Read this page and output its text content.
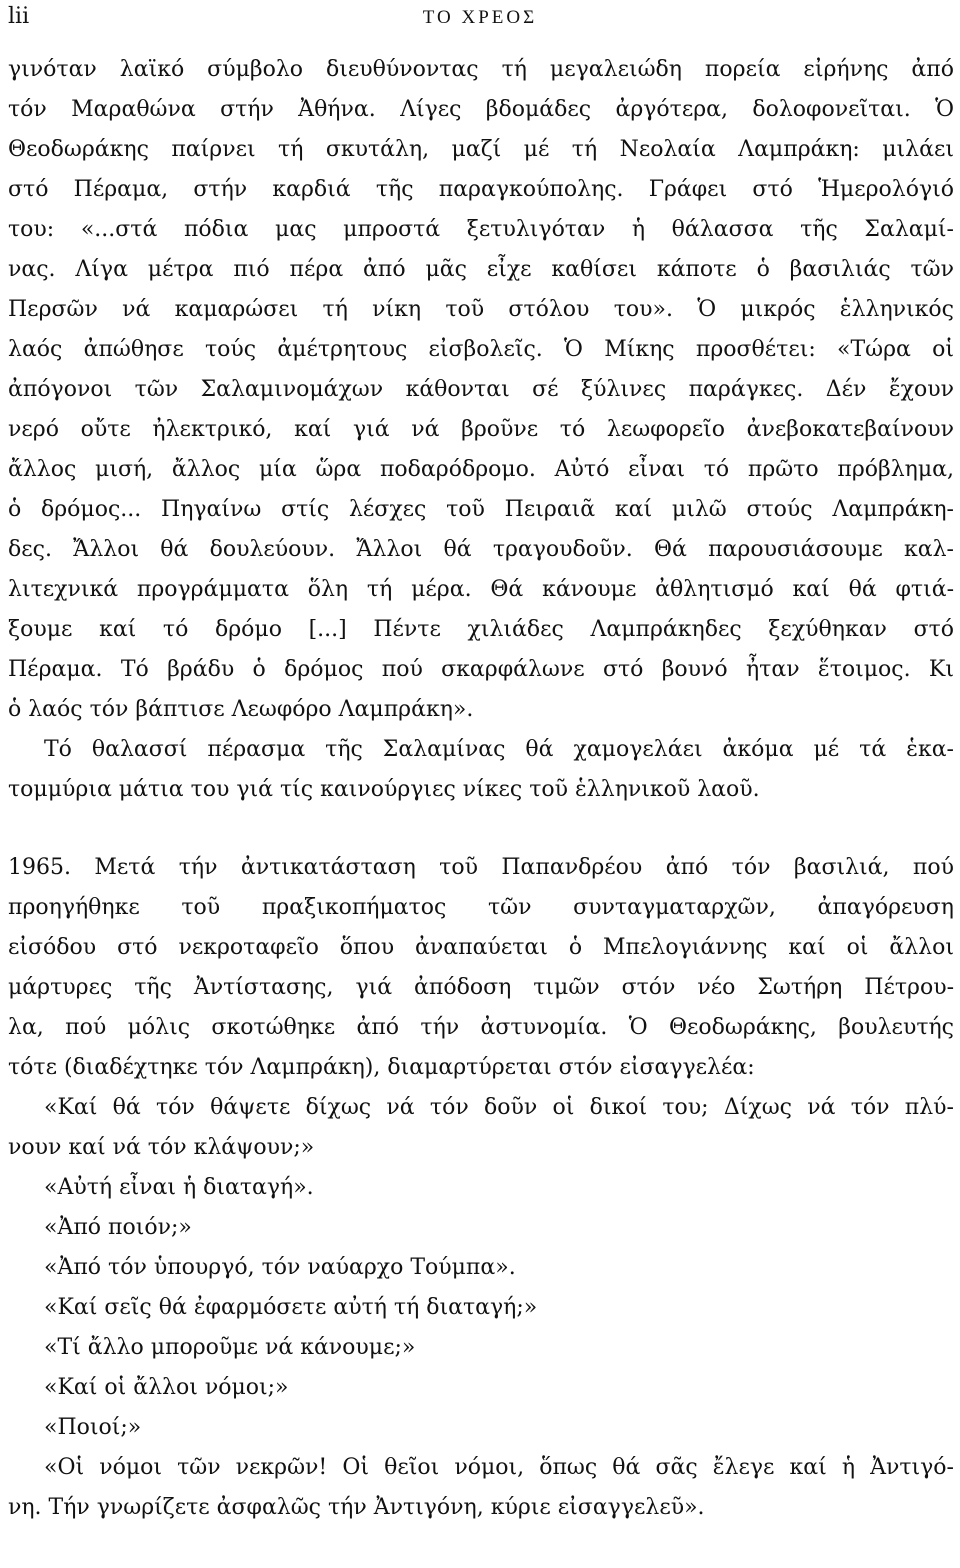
lii	ΤΟ ΧΡΕΟΣ
γινόταν λαϊκό σύμβολο διευθύνοντας τή μεγαλειώδη πορεία εἰρήνης ἀπό
τόν Μαραθώνα στήν Ἀθήνα. Λίγες βδομάδες ἀργότερα, δολοφονεῖται. Ὁ
Θεοδωράκης παίρνει τή σκυτάλη, μαζί μέ τή Νεολαία Λαμπράκη: μιλάει
στό Πέραμα, στήν καρδιά τῆς παραγκούπολης. Γράφει στό Ἡμερολόγιό
του: «...στά πόδια μας μπροστά ξετυλιγόταν ἡ θάλασσα τῆς Σαλαμί-
νας. Λίγα μέτρα πιό πέρα ἀπό μᾶς εἶχε καθίσει κάποτε ὁ βασιλιάς τῶν
Περσῶν νά καμαρώσει τή νίκη τοῦ στόλου του». Ὁ μικρός ἑλληνικός
λαός ἀπώθησε τούς ἀμέτρητους εἰσβολεῖς. Ὁ Μίκης προσθέτει: «Τώρα οἱ
ἀπόγονοι τῶν Σαλαμινομάχων κάθονται σέ ξύλινες παράγκες. Δέν ἔχουν
νερό οὔτε ἠλεκτρικό, καί γιά νά βροῦνε τό λεωφορεῖο ἀνεβοκατεβαίνουν
ἄλλος μισή, ἄλλος μία ὥρα ποδαρόδρομο. Αὐτό εἶναι τό πρῶτο πρόβλημα,
ὁ δρόμος... Πηγαίνω στίς λέσχες τοῦ Πειραιᾶ καί μιλῶ στούς Λαμπράκη-
δες. Ἄλλοι θά δουλεύουν. Ἄλλοι θά τραγουδοῦν. Θά παρουσιάσουμε καλ-
λιτεχνικά προγράμματα ὅλη τή μέρα. Θά κάνουμε ἀθλητισμό καί θά φτιά-
ξουμε καί τό δρόμο [...] Πέντε χιλιάδες Λαμπράκηδες ξεχύθηκαν στό
Πέραμα. Τό βράδυ ὁ δρόμος πού σκαρφάλωνε στό βουνό ἦταν ἕτοιμος. Κι
ὁ λαός τόν βάπτισε Λεωφόρο Λαμπράκη».
Τό θαλασσί πέρασμα τῆς Σαλαμίνας θά χαμογελάει ἀκόμα μέ τά ἑκα-
τομμύρια μάτια του γιά τίς καινούργιες νίκες τοῦ ἑλληνικοῦ λαοῦ.
1965. Μετά τήν ἀντικατάσταση τοῦ Παπανδρέου ἀπό τόν βασιλιά, πού
προηγήθηκε τοῦ πραξικοπήματος τῶν συνταγματαρχῶν, ἀπαγόρευση
εἰσόδου στό νεκροταφεῖο ὅπου ἀναπαύεται ὁ Μπελογιάννης καί οἱ ἄλλοι
μάρτυρες τῆς Ἀντίστασης, γιά ἀπόδοση τιμῶν στόν νέο Σωτήρη Πέτρου-
λα, πού μόλις σκοτώθηκε ἀπό τήν ἀστυνομία. Ὁ Θεοδωράκης, βουλευτής
τότε (διαδέχτηκε τόν Λαμπράκη), διαμαρτύρεται στόν εἰσαγγελέα:
«Καί θά τόν θάψετε δίχως νά τόν δοῦν οἱ δικοί του; Δίχως νά τόν πλύ-
νουν καί νά τόν κλάψουν;»
«Αὐτή εἶναι ἡ διαταγή».
«Ἀπό ποιόν;»
«Ἀπό τόν ὑπουργό, τόν ναύαρχο Τούμπα».
«Καί σεῖς θά ἐφαρμόσετε αὐτή τή διαταγή;»
«Τί ἄλλο μποροῦμε νά κάνουμε;»
«Καί οἱ ἄλλοι νόμοι;»
«Ποιοί;»
«Οἱ νόμοι τῶν νεκρῶν! Οἱ θεῖοι νόμοι, ὅπως θά σᾶς ἔλεγε καί ἡ Ἀντιγό-
νη. Τήν γνωρίζετε ἀσφαλῶς τήν Ἀντιγόνη, κύριε εἰσαγγελεῦ».
